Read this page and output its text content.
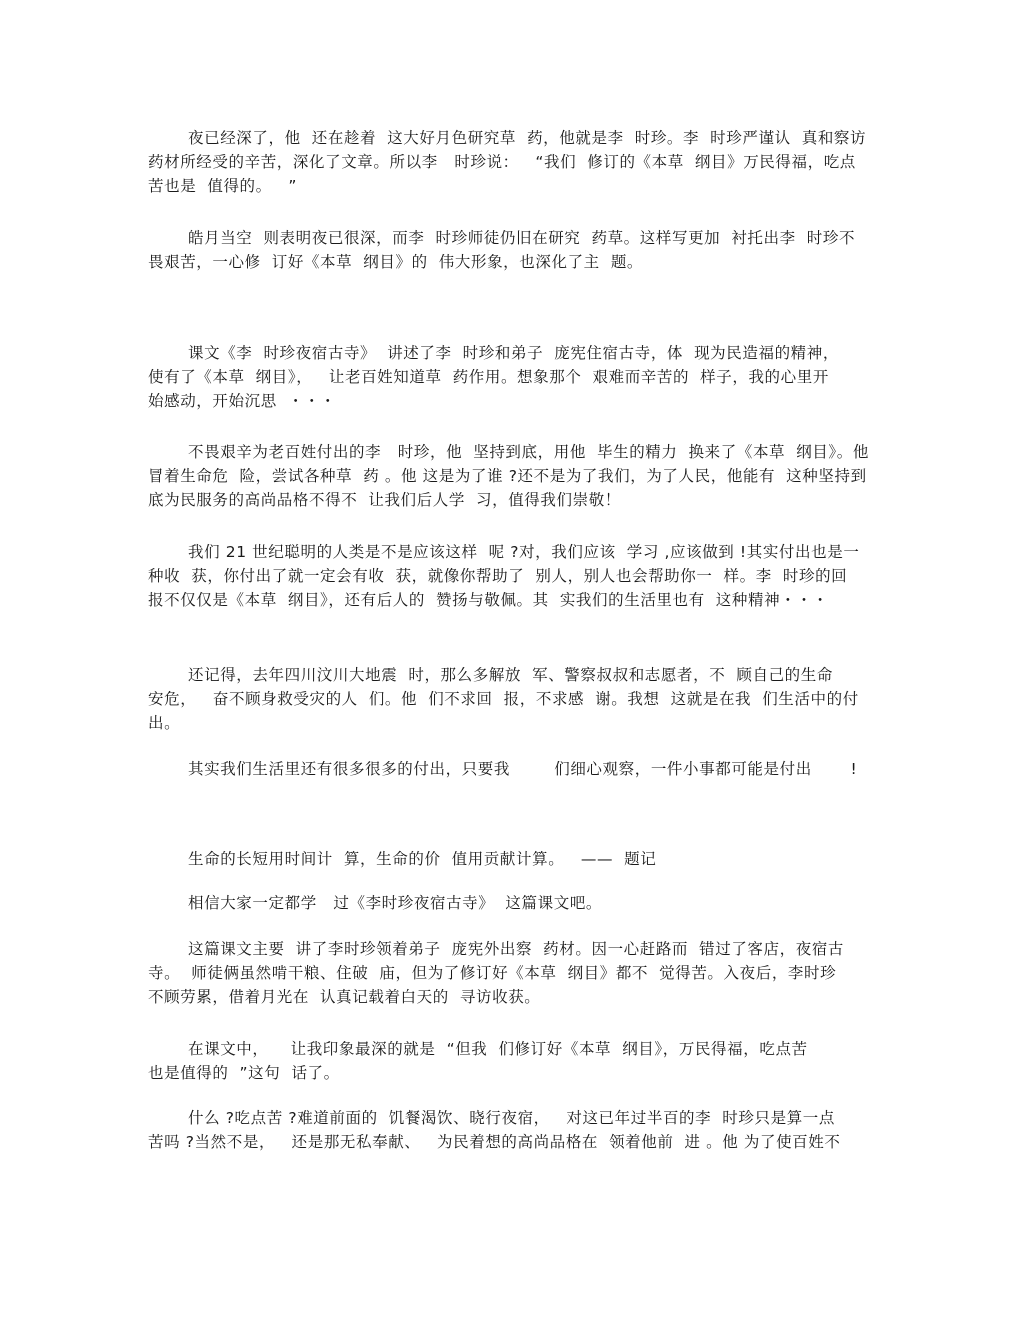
夜已经深了，他  还在趁着  这大好月色研究草  药，他就是李  时珍。李  时珍严谨认  真和察访
药材所经受的辛苦，深化了文章。所以李   时珍说：   “我们  修订的《本草  纲目》万民得福，吃点
苦也是  值得的。   ”
皓月当空  则表明夜已很深，而李  时珍师徒仍旧在研究  药草。这样写更加  衬托出李  时珍不
畏艰苦，一心修  订好《本草  纲目》的  伟大形象，也深化了主  题。
课文《李  时珍夜宿古寺》  讲述了李  时珍和弟子  庞宪住宿古寺，体  现为民造福的精神，
使有了《本草  纲目》，   让老百姓知道草  药作用。想象那个  艰难而辛苦的  样子，我的心里开
始感动，开始沉思  ・・・
不畏艰辛为老百姓付出的李   时珍，他  坚持到底，用他  毕生的精力  换来了《本草  纲目》。他
冒着生命危  险，尝试各种草  药 。他 这是为了谁 ?还不是为了我们，为了人民，他能有  这种坚持到
底为民服务的高尚品格不得不  让我们后人学  习，值得我们崇敬！
我们 21 世纪聪明的人类是不是应该这样  呢 ?对，我们应该  学习 ,应该做到 !其实付出也是一
种收  获，你付出了就一定会有收  获，就像你帮助了  别人，别人也会帮助你一  样。李  时珍的回
报不仅仅是《本草  纲目》，还有后人的  赞扬与敬佩。其  实我们的生活里也有  这种精神・・・
还记得，去年四川汶川大地震  时，那么多解放  军、警察叔叔和志愿者，不  顾自己的生命
安危，   奋不顾身救受灾的人  们。他  们不求回  报，不求感  谢。我想  这就是在我  们生活中的付
出。
其实我们生活里还有很多很多的付出，只要我        们细心观察，一件小事都可能是付出       !
生命的长短用时间计  算，生命的价  值用贡献计算。   ——  题记
相信大家一定都学   过《李时珍夜宿古寺》  这篇课文吧。
这篇课文主要  讲了李时珍领着弟子  庞宪外出察  药材。因一心赶路而  错过了客店，夜宿古
寺。  师徒俩虽然啃干粮、住破  庙，但为了修订好《本草  纲目》都不  觉得苦。入夜后，李时珍
不顾劳累，借着月光在  认真记载着白天的  寻访收获。
在课文中，    让我印象最深的就是  “但我  们修订好《本草  纲目》，万民得福，吃点苦
也是值得的  ”这句  话了。
什么 ?吃点苦 ?难道前面的  饥餐渴饮、晓行夜宿，   对这已年过半百的李  时珍只是算一点
苦吗 ?当然不是，   还是那无私奉献、   为民着想的高尚品格在  领着他前  进 。他 为了使百姓不
